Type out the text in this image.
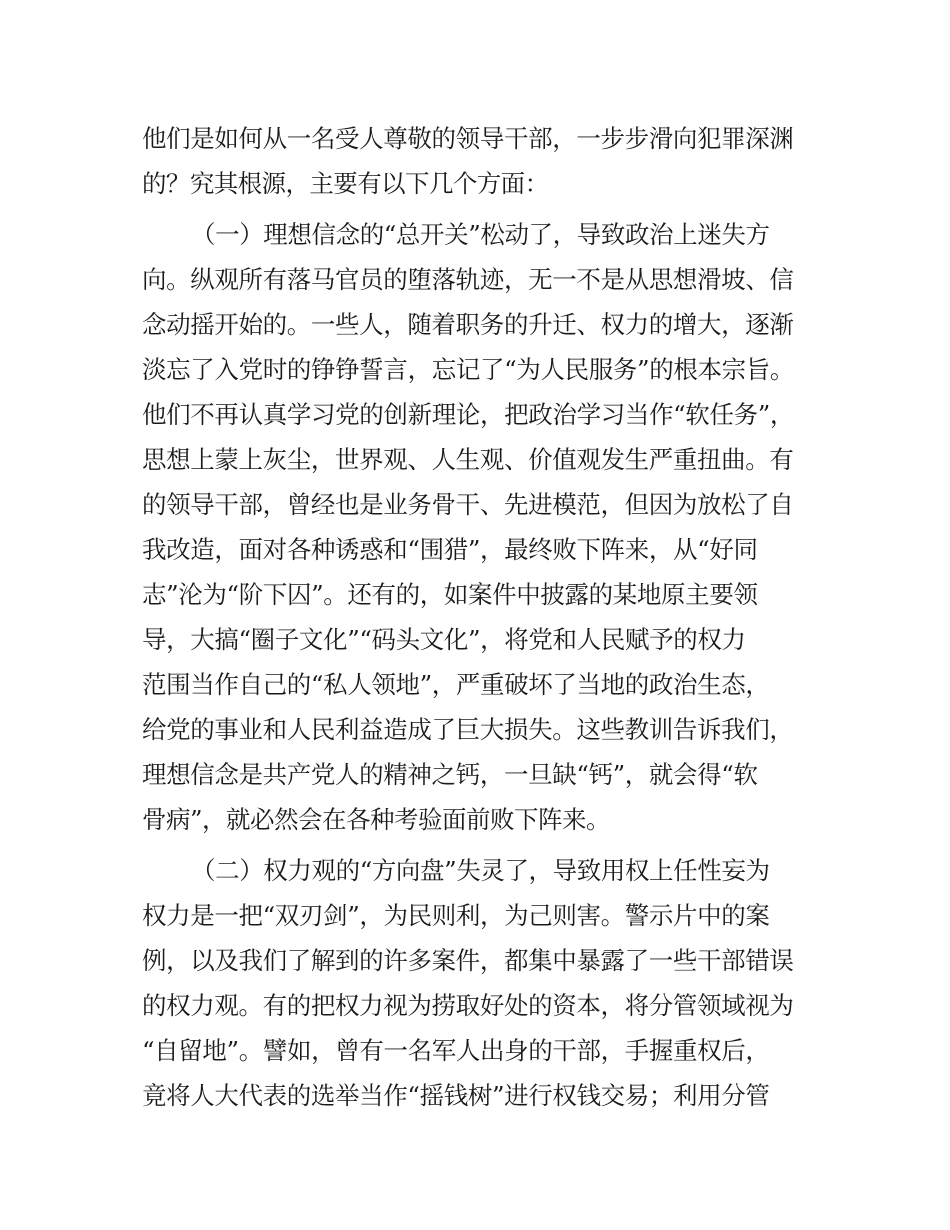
他们是如何从一名受人尊敬的领导干部，一步步滑向犯罪深渊
的？究其根源，主要有以下几个方面：
（一）理想信念的“总开关”松动了，导致政治上迷失方
向。纵观所有落马官员的堕落轨迹，无一不是从思想滑坡、信
念动摇开始的。一些人，随着职务的升迁、权力的增大，逐渐
淡忘了入党时的铮铮誓言，忘记了“为人民服务”的根本宗旨。
他们不再认真学习党的创新理论，把政治学习当作“软任务”，
思想上蒙上灰尘，世界观、人生观、价值观发生严重扭曲。有
的领导干部，曾经也是业务骨干、先进模范，但因为放松了自
我改造，面对各种诱惑和“围猎”，最终败下阵来，从“好同
志”沦为“阶下囚”。还有的，如案件中披露的某地原主要领
导，大搞“圈子文化”“码头文化”，将党和人民赋予的权力
范围当作自己的“私人领地”，严重破坏了当地的政治生态，
给党的事业和人民利益造成了巨大损失。这些教训告诉我们，
理想信念是共产党人的精神之钙，一旦缺“钙”，就会得“软
骨病”，就必然会在各种考验面前败下阵来。
（二）权力观的“方向盘”失灵了，导致用权上任性妄为
权力是一把“双刃剑”，为民则利，为己则害。警示片中的案
例，以及我们了解到的许多案件，都集中暴露了一些干部错误
的权力观。有的把权力视为捞取好处的资本，将分管领域视为
“自留地”。譬如，曾有一名军人出身的干部，手握重权后，
竟将人大代表的选举当作“摇钱树”进行权钱交易；利用分管
